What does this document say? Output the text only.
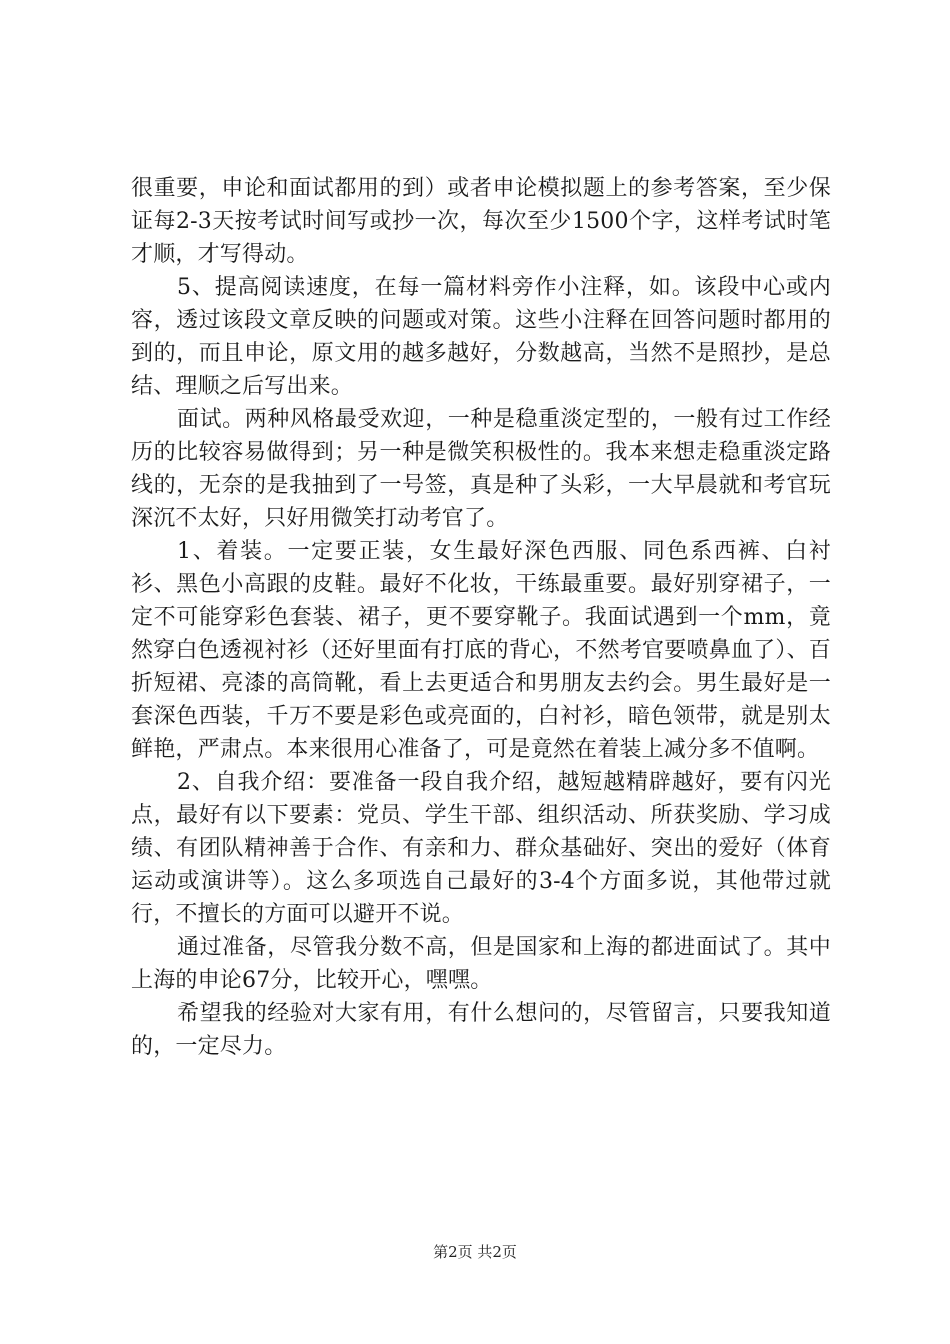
很重要，申论和面试都用的到）或者申论模拟题上的参考答案，至少保证每2-3天按考试时间写或抄一次，每次至少1500个字，这样考试时笔才顺，才写得动。

5、提高阅读速度，在每一篇材料旁作小注释，如。该段中心或内容，透过该段文章反映的问题或对策。这些小注释在回答问题时都用的到的，而且申论，原文用的越多越好，分数越高，当然不是照抄，是总结、理顺之后写出来。

面试。两种风格最受欢迎，一种是稳重淡定型的，一般有过工作经历的比较容易做得到；另一种是微笑积极性的。我本来想走稳重淡定路线的，无奈的是我抽到了一号签，真是种了头彩，一大早晨就和考官玩深沉不太好，只好用微笑打动考官了。

1、着装。一定要正装，女生最好深色西服、同色系西裤、白衬衫、黑色小高跟的皮鞋。最好不化妆，干练最重要。最好别穿裙子，一定不可能穿彩色套装、裙子，更不要穿靴子。我面试遇到一个mm，竟然穿白色透视衬衫（还好里面有打底的背心，不然考官要喷鼻血了）、百折短裙、亮漆的高筒靴，看上去更适合和男朋友去约会。男生最好是一套深色西装，千万不要是彩色或亮面的，白衬衫，暗色领带，就是别太鲜艳，严肃点。本来很用心准备了，可是竟然在着装上减分多不值啊。

2、自我介绍：要准备一段自我介绍，越短越精辟越好，要有闪光点，最好有以下要素：党员、学生干部、组织活动、所获奖励、学习成绩、有团队精神善于合作、有亲和力、群众基础好、突出的爱好（体育运动或演讲等）。这么多项选自己最好的3-4个方面多说，其他带过就行，不擅长的方面可以避开不说。

通过准备，尽管我分数不高，但是国家和上海的都进面试了。其中上海的申论67分，比较开心，嘿嘿。

希望我的经验对大家有用，有什么想问的，尽管留言，只要我知道的，一定尽力。

第2页 共2页
